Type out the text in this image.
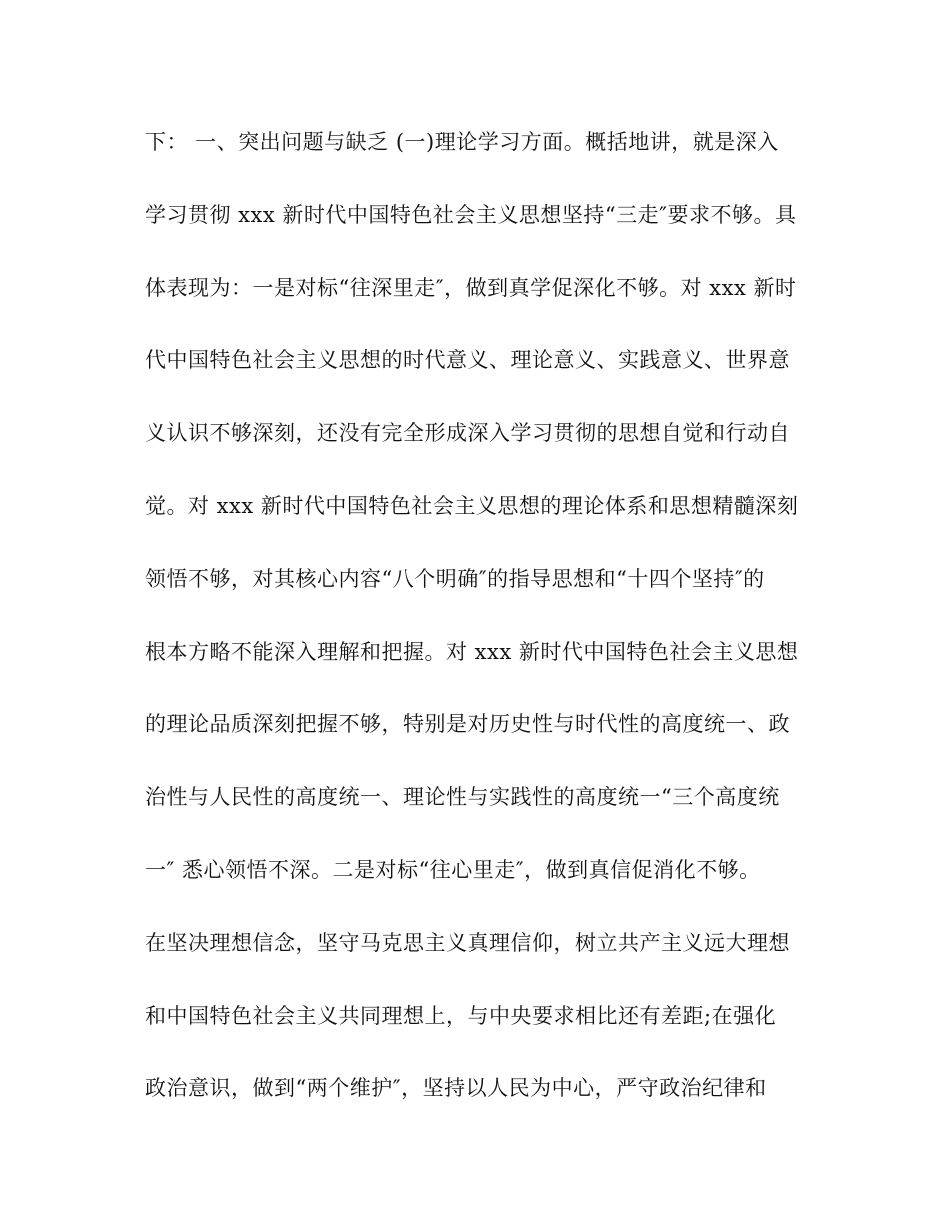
下： 一、突出问题与缺乏 (一)理论学习方面。概括地讲，就是深入
学习贯彻 xxx 新时代中国特色社会主义思想坚持“三走″要求不够。具
体表现为：一是对标“往深里走″，做到真学促深化不够。对 xxx 新时
代中国特色社会主义思想的时代意义、理论意义、实践意义、世界意
义认识不够深刻，还没有完全形成深入学习贯彻的思想自觉和行动自
觉。对 xxx 新时代中国特色社会主义思想的理论体系和思想精髓深刻
领悟不够，对其核心内容“八个明确″的指导思想和“十四个坚持″的
根本方略不能深入理解和把握。对 xxx 新时代中国特色社会主义思想
的理论品质深刻把握不够，特别是对历史性与时代性的高度统一、政
治性与人民性的高度统一、理论性与实践性的高度统一“三个高度统
一″ 悉心领悟不深。二是对标“往心里走″，做到真信促消化不够。
在坚决理想信念，坚守马克思主义真理信仰，树立共产主义远大理想
和中国特色社会主义共同理想上，与中央要求相比还有差距;在强化
政治意识，做到“两个维护″，坚持以人民为中心，严守政治纪律和
